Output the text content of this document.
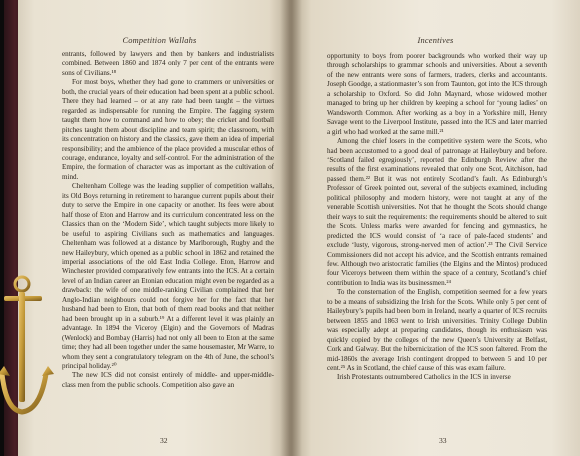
Competition Wallahs

entrants, followed by lawyers and then by bankers and industrialists combined. Between 1860 and 1874 only 7 per cent of the entrants were sons of Civilians.¹⁸

For most boys, whether they had gone to crammers or universities or both, the crucial years of their education had been spent at a public school. There they had learned – or at any rate had been taught – the virtues regarded as indispensable for running the Empire. The fagging system taught them how to command and how to obey; the cricket and football pitches taught them about discipline and team spirit; the classroom, with its concentration on history and the classics, gave them an idea of imperial responsibility; and the ambience of the place provided a muscular ethos of courage, endurance, loyalty and self-control. For the administration of the Empire, the formation of character was as important as the cultivation of mind.

Cheltenham College was the leading supplier of competition wallahs, its Old Boys returning in retirement to harangue current pupils about their duty to serve the Empire in one capacity or another. Its fees were about half those of Eton and Harrow and its curriculum concentrated less on the Classics than on the ‘Modern Side’, which taught subjects more likely to be useful to aspiring Civilians such as mathematics and languages. Cheltenham was followed at a distance by Marlborough, Rugby and the new Haileybury, which opened as a public school in 1862 and retained the imperial associations of the old East India College. Eton, Harrow and Winchester provided comparatively few entrants into the ICS. At a certain level of an Indian career an Etonian education might even be regarded as a drawback: the wife of one middle-ranking Civilian complained that her Anglo-Indian neighbours could not forgive her for the fact that her husband had been to Eton, that both of them read books and that neither had been brought up in a suburb.¹⁹ At a different level it was plainly an advantage. In 1894 the Viceroy (Elgin) and the Governors of Madras (Wenlock) and Bombay (Harris) had not only all been to Eton at the same time; they had all been together under the same housemaster, Mr Warre, to whom they sent a congratulatory telegram on the 4th of June, the school’s principal holiday.²⁰

The new ICS did not consist entirely of middle- and upper-middle-class men from the public schools. Competition also gave an

32
Incentives

opportunity to boys from poorer backgrounds who worked their way up through scholarships to grammar schools and universities. About a seventh of the new entrants were sons of farmers, traders, clerks and accountants. Joseph Goodge, a stationmaster’s son from Taunton, got into the ICS through a scholarship to Oxford. So did John Maynard, whose widowed mother managed to bring up her children by keeping a school for ‘young ladies’ on Wandsworth Common. After working as a boy in a Yorkshire mill, Henry Savage went to the Liverpool Institute, passed into the ICS and later married a girl who had worked at the same mill.²¹

Among the chief losers in the competitive system were the Scots, who had been accustomed to a good deal of patronage at Haileybury and before. ‘Scotland failed egregiously’, reported the Edinburgh Review after the results of the first examinations revealed that only one Scot, Aitchison, had passed them.²² But it was not entirely Scotland’s fault. As Edinburgh’s Professor of Greek pointed out, several of the subjects examined, including political philosophy and modern history, were not taught at any of the venerable Scottish universities. Not that he thought the Scots should change their ways to suit the requirements: the requirements should be altered to suit the Scots. Unless marks were awarded for fencing and gymnastics, he predicted the ICS would consist of ‘a race of pale-faced students’ and exclude ‘lusty, vigorous, strong-nerved men of action’.²³ The Civil Service Commissioners did not accept his advice, and the Scottish entrants remained few. Although two aristocratic families (the Elgins and the Mintos) produced four Viceroys between them within the space of a century, Scotland’s chief contribution to India was its businessmen.²⁴

To the consternation of the English, competition seemed for a few years to be a means of subsidizing the Irish for the Scots. While only 5 per cent of Haileybury’s pupils had been born in Ireland, nearly a quarter of ICS recruits between 1855 and 1863 went to Irish universities. Trinity College Dublin was especially adept at preparing candidates, though its enthusiasm was quickly copied by the colleges of the new Queen’s University at Belfast, Cork and Galway. But the hibernicization of the ICS soon faltered. From the mid-1860s the average Irish contingent dropped to between 5 and 10 per cent.²⁵ As in Scotland, the chief cause of this was exam failure.

Irish Protestants outnumbered Catholics in the ICS in inverse

33
